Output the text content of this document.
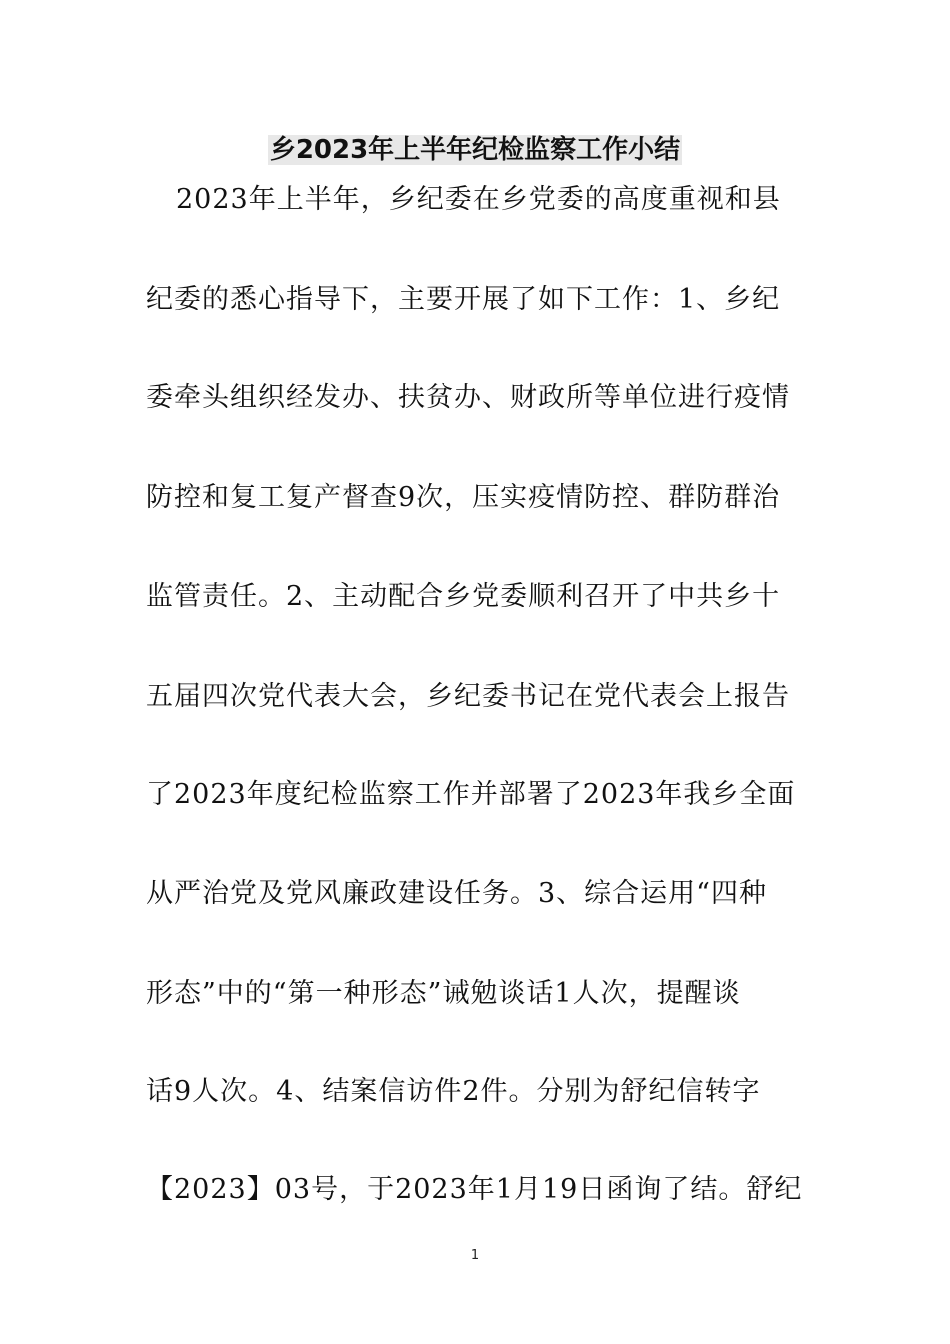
乡2023年上半年纪检监察工作小结
2023年上半年，乡纪委在乡党委的高度重视和县
纪委的悉心指导下，主要开展了如下工作：1、乡纪
委牵头组织经发办、扶贫办、财政所等单位进行疫情
防控和复工复产督查9次，压实疫情防控、群防群治
监管责任。2、主动配合乡党委顺利召开了中共乡十
五届四次党代表大会，乡纪委书记在党代表会上报告
了2023年度纪检监察工作并部署了2023年我乡全面
从严治党及党风廉政建设任务。3、综合运用“四种
形态”中的“第一种形态”诫勉谈话1人次，提醒谈
话9人次。4、结案信访件2件。分别为舒纪信转字
【2023】03号，于2023年1月19日函询了结。舒纪
1
